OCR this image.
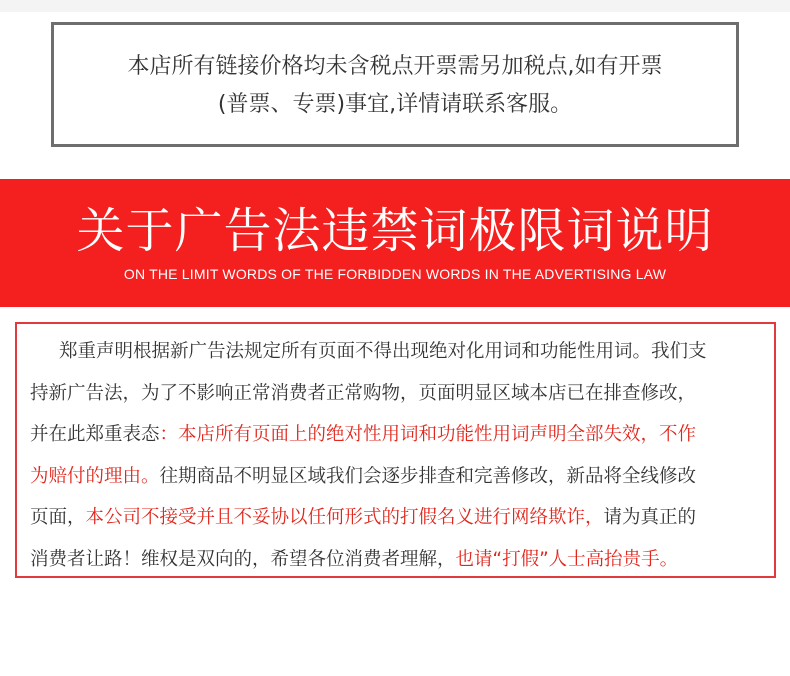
本店所有链接价格均未含税点开票需另加税点,如有开票
(普票、专票)事宜,详情请联系客服。
关于广告法违禁词极限词说明
ON THE LIMIT WORDS OF THE FORBIDDEN WORDS IN THE ADVERTISING LAW
郑重声明根据新广告法规定所有页面不得出现绝对化用词和功能性用词。我们支
持新广告法，为了不影响正常消费者正常购物，页面明显区域本店已在排查修改，
并在此郑重表态：本店所有页面上的绝对性用词和功能性用词声明全部失效，不作
为赔付的理由。往期商品不明显区域我们会逐步排查和完善修改，新品将全线修改
页面，本公司不接受并且不妥协以任何形式的打假名义进行网络欺诈，请为真正的
消费者让路！维权是双向的，希望各位消费者理解，也请“打假”人士高抬贵手。
